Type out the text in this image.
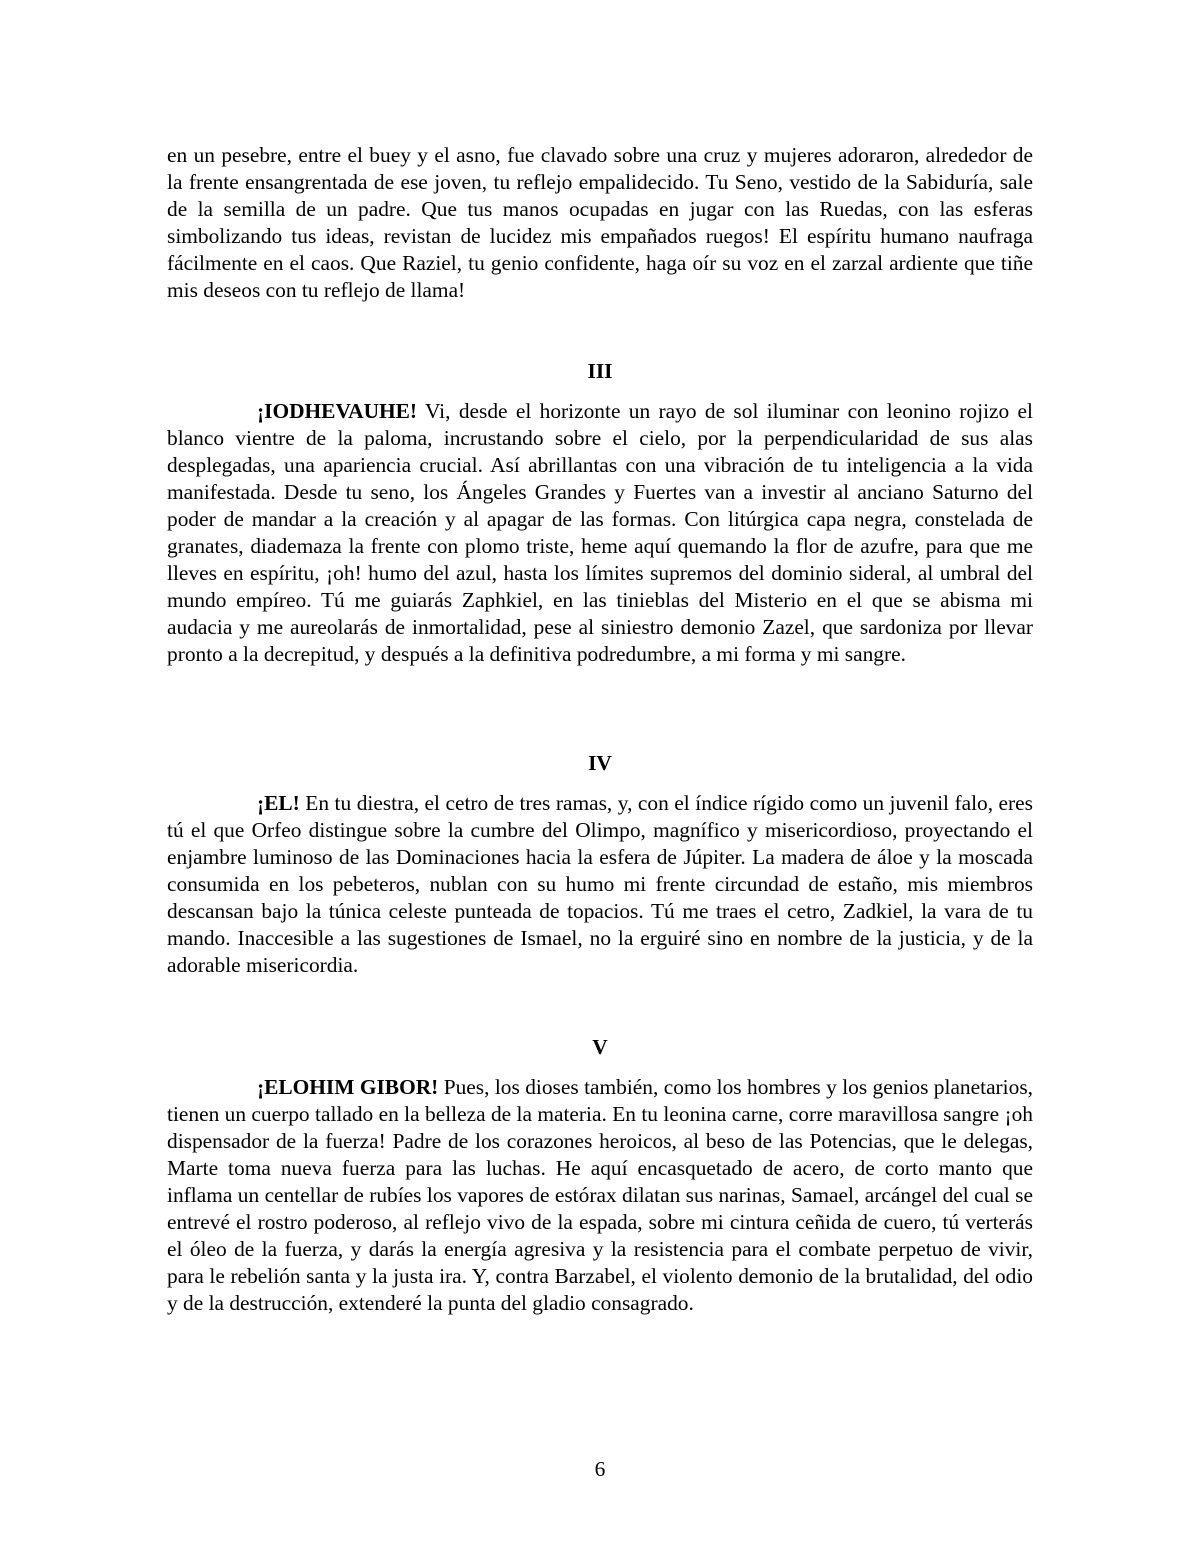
en un pesebre, entre el buey y el asno, fue clavado sobre una cruz y mujeres adoraron, alrededor de la frente ensangrentada de ese joven, tu reflejo empalidecido. Tu Seno, vestido de la Sabiduría, sale de la semilla de un padre. Que tus manos ocupadas en jugar con las Ruedas, con las esferas simbolizando tus ideas, revistan de lucidez mis empañados ruegos! El espíritu humano naufraga fácilmente en el caos. Que Raziel, tu genio confidente, haga oír su voz en el zarzal ardiente que tiñe mis deseos con tu reflejo de llama!

III

¡IODHEVAUHE! Vi, desde el horizonte un rayo de sol iluminar con leonino rojizo el blanco vientre de la paloma, incrustando sobre el cielo, por la perpendicularidad de sus alas desplegadas, una apariencia crucial. Así abrillantas con una vibración de tu inteligencia a la vida manifestada. Desde tu seno, los Ángeles Grandes y Fuertes van a investir al anciano Saturno del poder de mandar a la creación y al apagar de las formas. Con litúrgica capa negra, constelada de granates, diademaza la frente con plomo triste, heme aquí quemando la flor de azufre, para que me lleves en espíritu, ¡oh! humo del azul, hasta los límites supremos del dominio sideral, al umbral del mundo empíreo. Tú me guiarás Zaphkiel, en las tinieblas del Misterio en el que se abisma mi audacia y me aureolarás de inmortalidad, pese al siniestro demonio Zazel, que sardoniza por llevar pronto a la decrepitud, y después a la definitiva podredumbre, a mi forma y mi sangre.

IV

¡EL! En tu diestra, el cetro de tres ramas, y, con el índice rígido como un juvenil falo, eres tú el que Orfeo distingue sobre la cumbre del Olimpo, magnífico y misericordioso, proyectando el enjambre luminoso de las Dominaciones hacia la esfera de Júpiter. La madera de áloe y la moscada consumida en los pebeteros, nublan con su humo mi frente circundad de estaño, mis miembros descansan bajo la túnica celeste punteada de topacios. Tú me traes el cetro, Zadkiel, la vara de tu mando. Inaccesible a las sugestiones de Ismael, no la erguiré sino en nombre de la justicia, y de la adorable misericordia.

V

¡ELOHIM GIBOR! Pues, los dioses también, como los hombres y los genios planetarios, tienen un cuerpo tallado en la belleza de la materia. En tu leonina carne, corre maravillosa sangre ¡oh dispensador de la fuerza! Padre de los corazones heroicos, al beso de las Potencias, que le delegas, Marte toma nueva fuerza para las luchas. He aquí encasquetado de acero, de corto manto que inflama un centellar de rubíes los vapores de estórax dilatan sus narinas, Samael, arcángel del cual se entrevé el rostro poderoso, al reflejo vivo de la espada, sobre mi cintura ceñida de cuero, tú verterás el óleo de la fuerza, y darás la energía agresiva y la resistencia para el combate perpetuo de vivir, para le rebelión santa y la justa ira. Y, contra Barzabel, el violento demonio de la brutalidad, del odio y de la destrucción, extenderé la punta del gladio consagrado.

6
